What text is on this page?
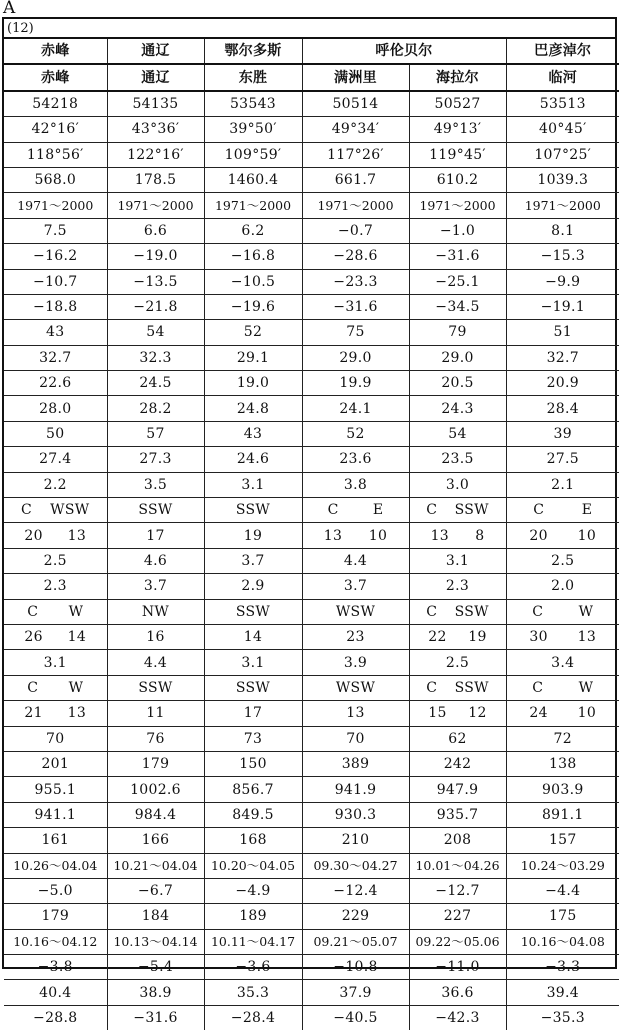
A
(12)
赤峰	通辽	鄂尔多斯	呼伦贝尔		巴彦淖尔
赤峰	通辽	东胜	满洲里	海拉尔	临河
54218	54135	53543	50514	50527	53513
42°16′	43°36′	39°50′	49°34′	49°13′	40°45′
118°56′	122°16′	109°59′	117°26′	119°45′	107°25′
568.0	178.5	1460.4	661.7	610.2	1039.3
1971～2000	1971～2000	1971～2000	1971～2000	1971～2000	1971～2000
7.5	6.6	6.2	−0.7	−1.0	8.1
−16.2	−19.0	−16.8	−28.6	−31.6	−15.3
−10.7	−13.5	−10.5	−23.3	−25.1	−9.9
−18.8	−21.8	−19.6	−31.6	−34.5	−19.1
43	54	52	75	79	51
32.7	32.3	29.1	29.0	29.0	32.7
22.6	24.5	19.0	19.9	20.5	20.9
28.0	28.2	24.8	24.1	24.3	28.4
50	57	43	52	54	39
27.4	27.3	24.6	23.6	23.5	27.5
2.2	3.5	3.1	3.8	3.0	2.1

C WSW	SSW	SSW	C E	C SSW	C E

20 13	17	19	13 10	13 8	20 10

2.5	4.6	3.7	4.4	3.1	2.5
2.3	3.7	2.9	3.7	2.3	2.0

C W	NW	SSW	WSW	C SSW	C W

26 14	16	14	23	22 19	30 13

3.1	4.4	3.1	3.9	2.5	3.4

C W	SSW	SSW	WSW	C SSW	C W

21 13	11	17	13	15 12	24 10

70	76	73	70	62	72
201	179	150	389	242	138
955.1	1002.6	856.7	941.9	947.9	903.9
941.1	984.4	849.5	930.3	935.7	891.1
161	166	168	210	208	157
10.26～04.04	10.21～04.04	10.20～04.05	09.30～04.27	10.01～04.26	10.24～03.29
−5.0	−6.7	−4.9	−12.4	−12.7	−4.4
179	184	189	229	227	175
10.16～04.12	10.13～04.14	10.11～04.17	09.21～05.07	09.22～05.06	10.16～04.08
−3.8	−5.4	−3.6	−10.8	−11.0	−3.3
40.4	38.9	35.3	37.9	36.6	39.4
−28.8	−31.6	−28.4	−40.5	−42.3	−35.3
